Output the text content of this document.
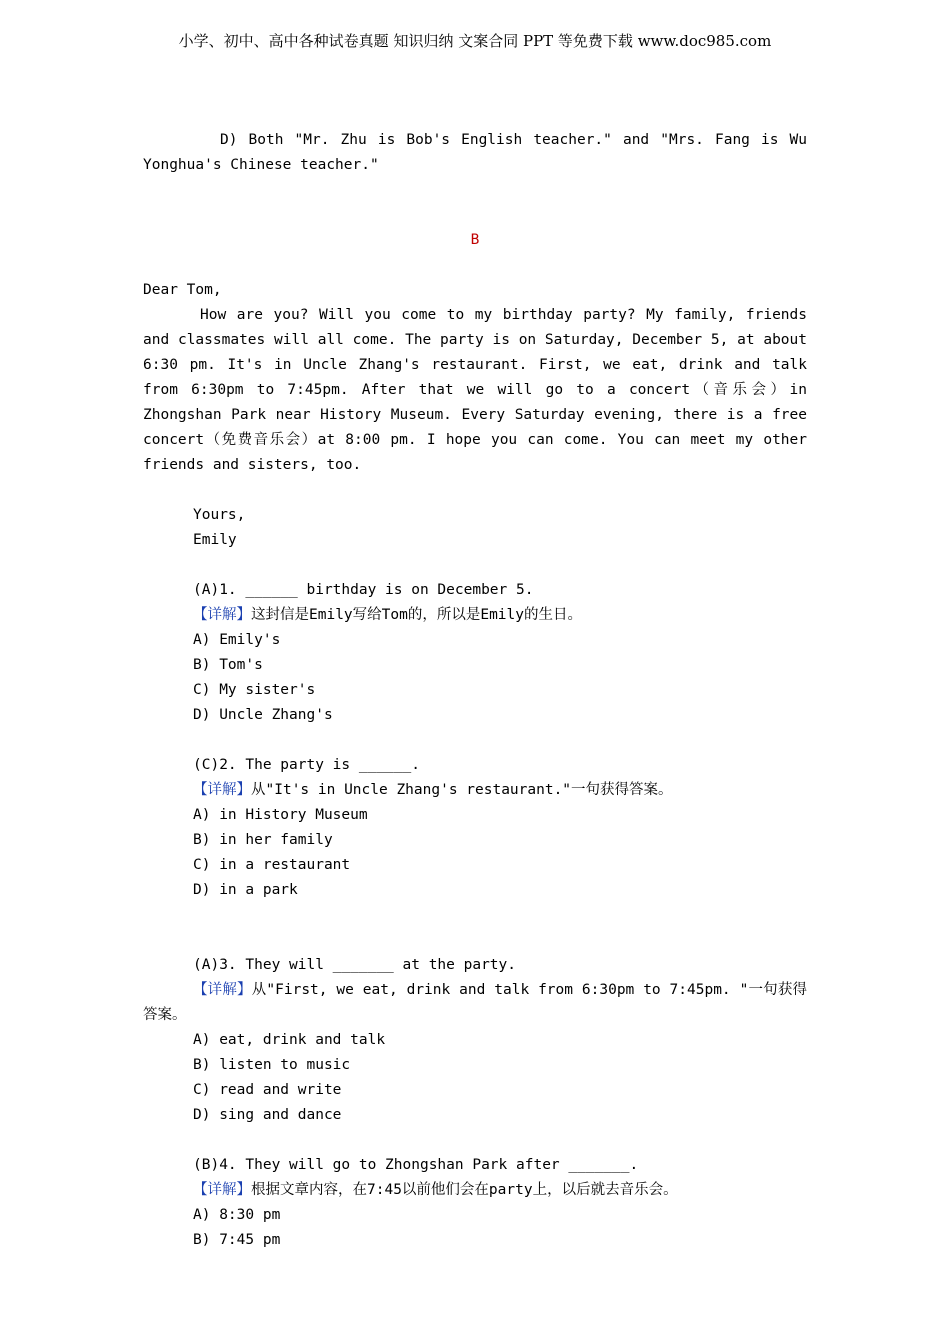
小学、初中、高中各种试卷真题 知识归纳 文案合同 PPT 等免费下载 www.doc985.com
D) Both "Mr. Zhu is Bob's English teacher." and "Mrs. Fang is Wu Yonghua's Chinese teacher."
B
Dear Tom,
How are you? Will you come to my birthday party? My family, friends and classmates will all come. The party is on Saturday, December 5, at about 6:30 pm. It's in Uncle Zhang's restaurant. First, we eat, drink and talk from 6:30pm to 7:45pm. After that we will go to a concert（音乐会）in Zhongshan Park near History Museum. Every Saturday evening, there is a free concert（免费音乐会）at 8:00 pm. I hope you can come. You can meet my other friends and sisters, too.
Yours,
Emily
(A)1. ______ birthday is on December 5.
【详解】这封信是Emily写给Tom的，所以是Emily的生日。
A) Emily's
B) Tom's
C) My sister's
D) Uncle Zhang's
(C)2. The party is ______.
【详解】从"It's in Uncle Zhang's restaurant."一句获得答案。
A) in History Museum
B) in her family
C) in a restaurant
D) in a park
(A)3. They will _______ at the party.
【详解】从"First, we eat, drink and talk from 6:30pm to 7:45pm. "一句获得答案。
A) eat, drink and talk
B) listen to music
C) read and write
D) sing and dance
(B)4. They will go to Zhongshan Park after _______.
【详解】根据文章内容，在7:45以前他们会在party上，以后就去音乐会。
A) 8:30 pm
B) 7:45 pm
